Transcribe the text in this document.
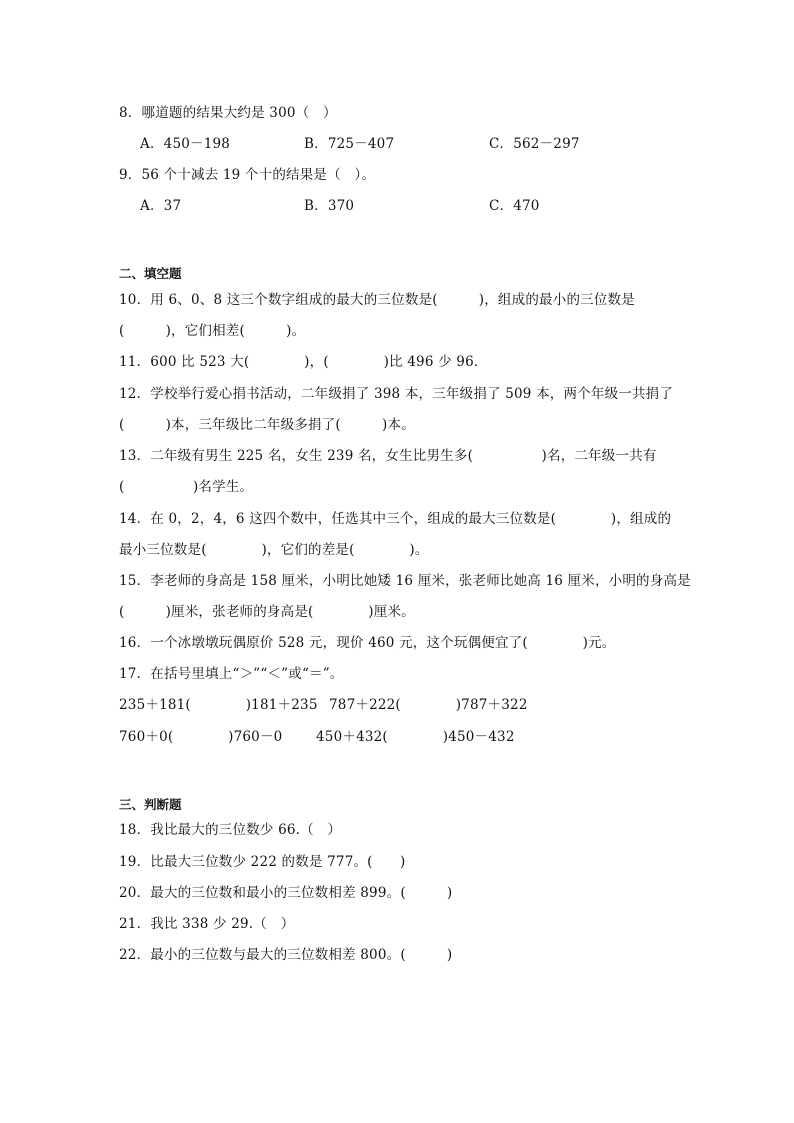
8．哪道题的结果大约是 300（　）
A．450－198	B．725－407	C．562－297
9．56 个十减去 19 个十的结果是（　）。
A．37	B．370	C．470
二、填空题
10．用 6、0、8 这三个数字组成的最大的三位数是(　　　)，组成的最小的三位数是
(　　　)，它们相差(　　　)。
11．600 比 523 大(　　　　)，(　　　　)比 496 少 96．
12．学校举行爱心捐书活动，二年级捐了 398 本，三年级捐了 509 本，两个年级一共捐了
(　　　)本，三年级比二年级多捐了(　　　)本。
13．二年级有男生 225 名，女生 239 名，女生比男生多(　　　　　)名，二年级一共有
(　　　　　)名学生。
14．在 0，2，4，6 这四个数中，任选其中三个，组成的最大三位数是(　　　　)，组成的
最小三位数是(　　　　)，它们的差是(　　　　)。
15．李老师的身高是 158 厘米，小明比她矮 16 厘米，张老师比她高 16 厘米，小明的身高是
(　　　)厘米，张老师的身高是(　　　　)厘米。
16．一个冰墩墩玩偶原价 528 元，现价 460 元，这个玩偶便宜了(　　　　)元。
17．在括号里填上“＞”“＜”或“＝”。
235＋181(　　　　)181＋235 787＋222(　　　　)787＋322
760＋0(　　　　)760－0 450＋432(　　　　)450－432
三、判断题
18．我比最大的三位数少 66.（　）
19．比最大三位数少 222 的数是 777。(　　)
20．最大的三位数和最小的三位数相差 899。(　　　)
21．我比 338 少 29.（　）
22．最小的三位数与最大的三位数相差 800。(　　　)
